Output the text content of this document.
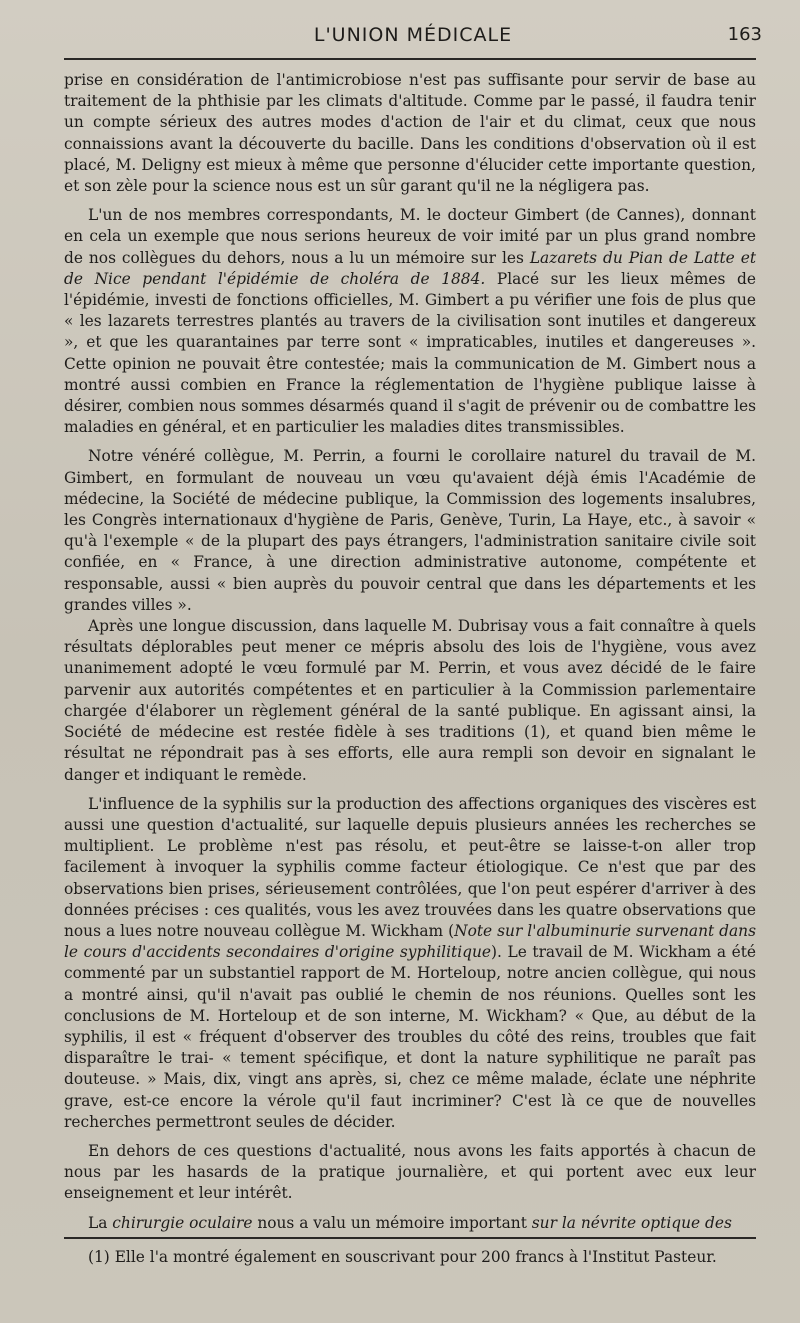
L'UNION MÉDICALE	163

prise en considération de l'antimicrobiose n'est pas suffisante pour servir de base au traitement de la phthisie par les climats d'altitude. Comme par le passé, il faudra tenir un compte sérieux des autres modes d'action de l'air et du climat, ceux que nous connaissions avant la découverte du bacille. Dans les conditions d'observation où il est placé, M. Deligny est mieux à même que personne d'élucider cette importante question, et son zèle pour la science nous est un sûr garant qu'il ne la négligera pas.

L'un de nos membres correspondants, M. le docteur Gimbert (de Cannes), donnant en cela un exemple que nous serions heureux de voir imité par un plus grand nombre de nos collègues du dehors, nous a lu un mémoire sur les Lazarets du Pian de Latte et de Nice pendant l'épidémie de choléra de 1884. Placé sur les lieux mêmes de l'épidémie, investi de fonctions officielles, M. Gimbert a pu vérifier une fois de plus que « les lazarets terrestres plantés au travers de la civilisation sont inutiles et dangereux », et que les quarantaines par terre sont « impraticables, inutiles et dangereuses ». Cette opinion ne pouvait être contestée; mais la communication de M. Gimbert nous a montré aussi combien en France la réglementation de l'hygiène publique laisse à désirer, combien nous sommes désarmés quand il s'agit de prévenir ou de combattre les maladies en général, et en particulier les maladies dites transmissibles.

Notre vénéré collègue, M. Perrin, a fourni le corollaire naturel du travail de M. Gimbert, en formulant de nouveau un vœu qu'avaient déjà émis l'Académie de médecine, la Société de médecine publique, la Commission des logements insalubres, les Congrès internationaux d'hygiène de Paris, Genève, Turin, La Haye, etc., à savoir « qu'à l'exemple « de la plupart des pays étrangers, l'administration sanitaire civile soit confiée, en « France, à une direction administrative autonome, compétente et responsable, aussi « bien auprès du pouvoir central que dans les départements et les grandes villes ».

Après une longue discussion, dans laquelle M. Dubrisay vous a fait connaître à quels résultats déplorables peut mener ce mépris absolu des lois de l'hygiène, vous avez unanimement adopté le vœu formulé par M. Perrin, et vous avez décidé de le faire parvenir aux autorités compétentes et en particulier à la Commission parlementaire chargée d'élaborer un règlement général de la santé publique. En agissant ainsi, la Société de médecine est restée fidèle à ses traditions (1), et quand bien même le résultat ne répondrait pas à ses efforts, elle aura rempli son devoir en signalant le danger et indiquant le remède.

L'influence de la syphilis sur la production des affections organiques des viscères est aussi une question d'actualité, sur laquelle depuis plusieurs années les recherches se multiplient. Le problème n'est pas résolu, et peut-être se laisse-t-on aller trop facilement à invoquer la syphilis comme facteur étiologique. Ce n'est que par des observations bien prises, sérieusement contrôlées, que l'on peut espérer d'arriver à des données précises : ces qualités, vous les avez trouvées dans les quatre observations que nous a lues notre nouveau collègue M. Wickham (Note sur l'albuminurie survenant dans le cours d'accidents secondaires d'origine syphilitique). Le travail de M. Wickham a été commenté par un substantiel rapport de M. Horteloup, notre ancien collègue, qui nous a montré ainsi, qu'il n'avait pas oublié le chemin de nos réunions. Quelles sont les conclusions de M. Horteloup et de son interne, M. Wickham? « Que, au début de la syphilis, il est « fréquent d'observer des troubles du côté des reins, troubles que fait disparaître le trai- « tement spécifique, et dont la nature syphilitique ne paraît pas douteuse. » Mais, dix, vingt ans après, si, chez ce même malade, éclate une néphrite grave, est-ce encore la vérole qu'il faut incriminer? C'est là ce que de nouvelles recherches permettront seules de décider.

En dehors de ces questions d'actualité, nous avons les faits apportés à chacun de nous par les hasards de la pratique journalière, et qui portent avec eux leur enseignement et leur intérêt.

La chirurgie oculaire nous a valu un mémoire important sur la névrite optique des

(1) Elle l'a montré également en souscrivant pour 200 francs à l'Institut Pasteur.
